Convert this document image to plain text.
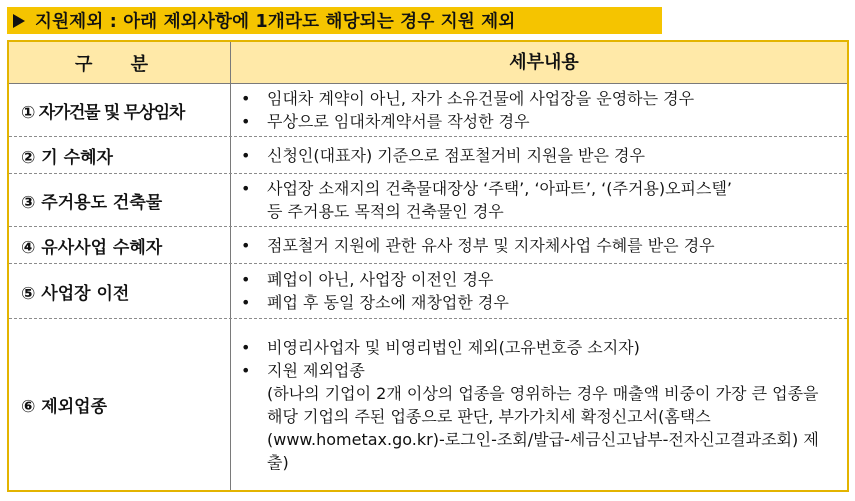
지원제외 : 아래 제외사항에 1개라도 해당되는 경우 지원 제외
구 분	세부내용
① 자가건물 및 무상임차
•	임대차 계약이 아닌, 자가 소유건물에 사업장을 운영하는 경우
•	무상으로 임대차계약서를 작성한 경우
② 기 수혜자	•	신청인(대표자) 기준으로 점포철거비 지원을 받은 경우
③ 주거용도 건축물
•	사업장 소재지의 건축물대장상 ‘주택’, ‘아파트’, ‘(주거용)오피스텔’
등 주거용도 목적의 건축물인 경우
④ 유사사업 수혜자	•	점포철거 지원에 관한 유사 정부 및 지자체사업 수혜를 받은 경우
⑤ 사업장 이전
•	폐업이 아닌, 사업장 이전인 경우
•	폐업 후 동일 장소에 재창업한 경우
⑥ 제외업종
•	비영리사업자 및 비영리법인 제외(고유번호증 소지자)
•	지원 제외업종
(하나의 기업이 2개 이상의 업종을 영위하는 경우 매출액 비중이 가장 큰 업종을 해당 기업의 주된 업종으로 판단, 부가가치세 확정신고서(홈택스(www.hometax.go.kr)-로그인-조회/발급-세금신고납부-전자신고결과조회) 제출)
